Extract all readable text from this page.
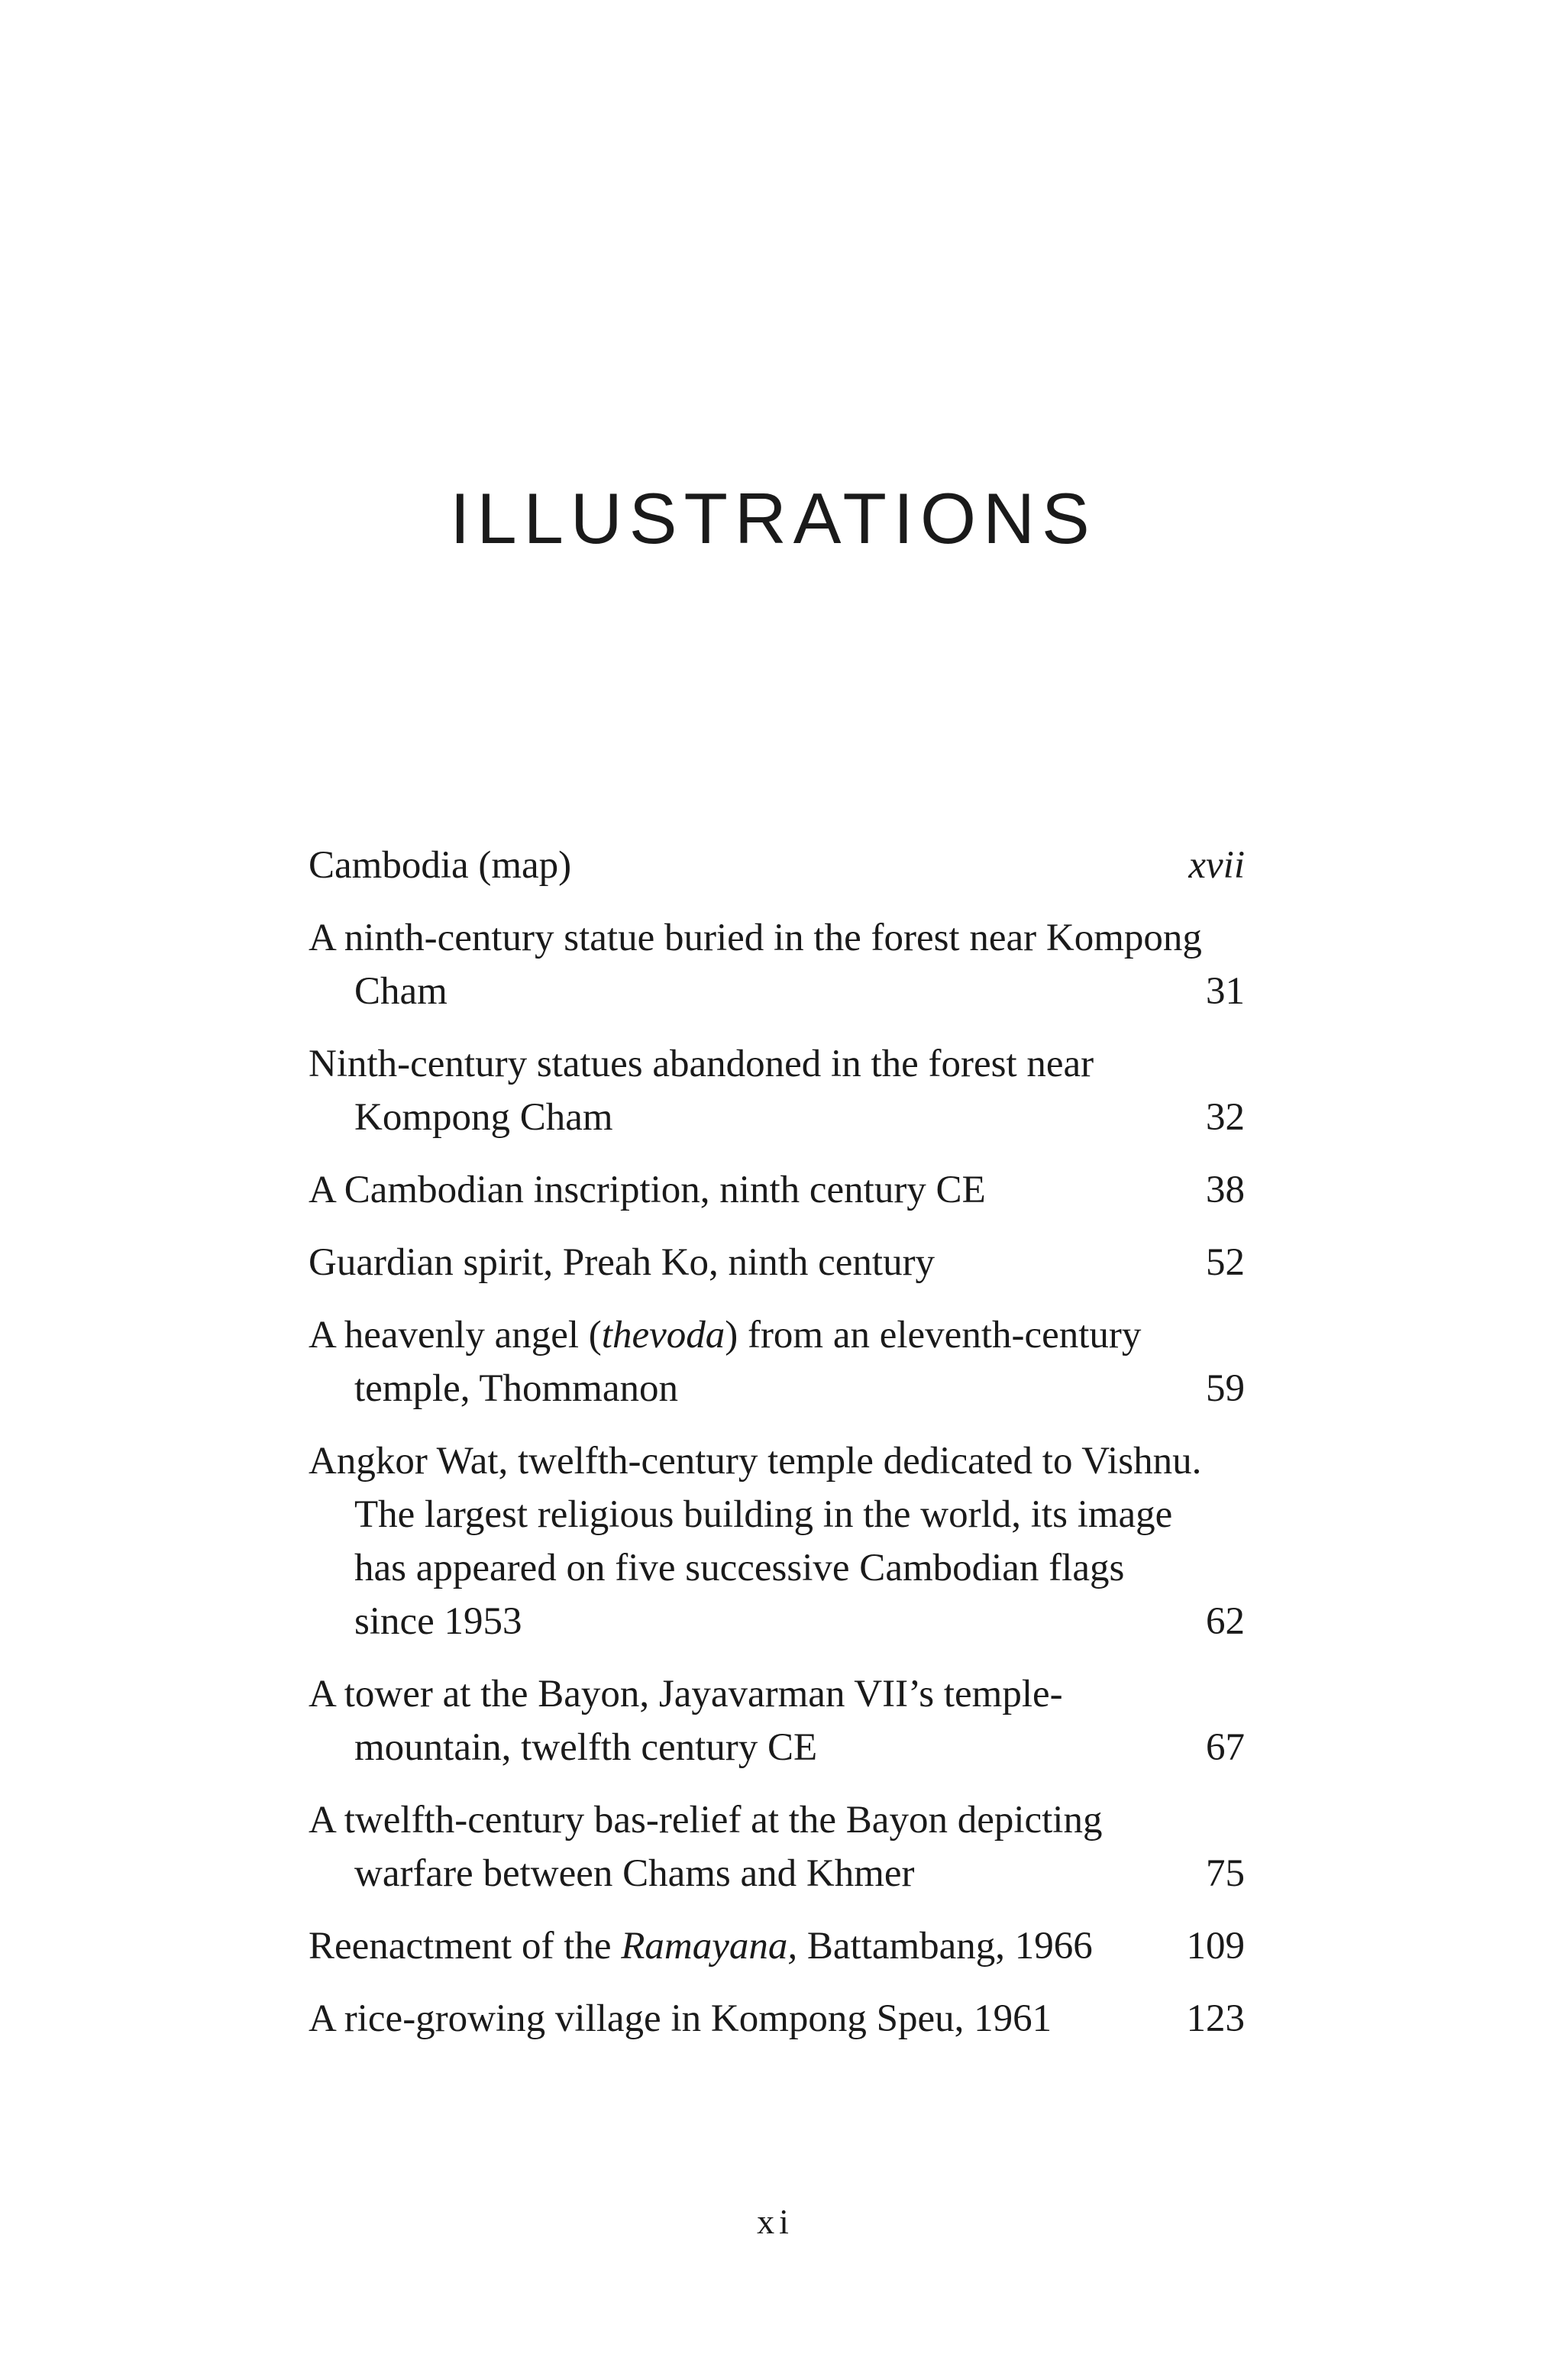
ILLUSTRATIONS
Cambodia (map)	xvii
A ninth-century statue buried in the forest near Kompong Cham	31
Ninth-century statues abandoned in the forest near Kompong Cham	32
A Cambodian inscription, ninth century CE	38
Guardian spirit, Preah Ko, ninth century	52
A heavenly angel (thevoda) from an eleventh-century temple, Thommanon	59
Angkor Wat, twelfth-century temple dedicated to Vishnu. The largest religious building in the world, its image has appeared on five successive Cambodian flags since 1953	62
A tower at the Bayon, Jayavarman VII’s temple-mountain, twelfth century CE	67
A twelfth-century bas-relief at the Bayon depicting warfare between Chams and Khmer	75
Reenactment of the Ramayana, Battambang, 1966	109
A rice-growing village in Kompong Speu, 1961	123
xi
